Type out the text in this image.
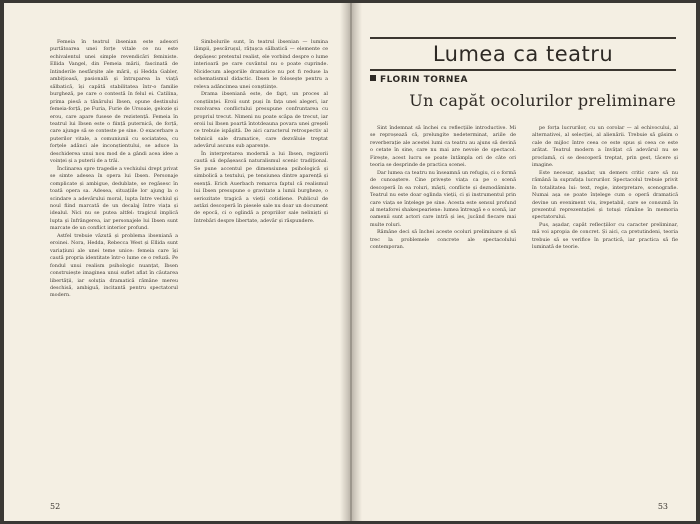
Femeia în teatrul ibsenian este adesori purtătoarea unei forțe vitale ce nu este echivalentul unei simple revendicări feministe. Ellida Vangel, din Femeia mării, fascinată de întinderile nesfârșite ale mării, și Hedda Gabler, ambițioasă, pasională și întruparea la viață sălbatică, își capătă stabilitatea într-o familie burgheză, pe care o contestă în felul ei. Catilina, prima piesă a tânărului Ibsen, opune destinului femeia-forță, pe Furia, Furie de Ursoaie, gelozie și erou, care apare fusese de rezistență. Femeia în teatrul lui Ibsen este o ființă puternică, de forță, care ajunge să se conteste pe sine. O exacerbare a puterilor vitale, a comuniunii cu sociatatea, cu forțele adânci ale inconștientului, se aduce la deschiderea unui nou mod de a gândi acea idee a voinței și a puterii de a trăi.

Înclinarea spre tragedie a vechiului drept privat se simte adesea în opera lui Ibsen. Personaje complicate și ambigue, dedublate, se regăsesc în toată opera sa. Adesea, situațiile lor ajung la o scindare a adevărului moral, lupta între vechiul și noul fiind marcată de un decalaj între viața și idealul. Nici nu se putea altfel: tragicul implică lupta și înfrângerea, iar personajele lui Ibsen sunt marcate de un conflict interior profund.

Astfel trebuie văzută și problema ibseniană a eroinei. Nora, Hedda, Rebecca West și Ellida sunt variațiuni ale unei teme unice: femeia care își caută propria identitate într-o lume ce o refuză. Pe fondul unui realism psihologic nuanțat, Ibsen construiește imaginea unui suflet aflat în căutarea libertății, iar soluția dramatică rămâne mereu deschisă, ambiguă, incitantă pentru spectatorul modern.

Simbolurile sunt, în teatrul ibsenian — lumina lămpii, pescărușul, rățușca sălbatică — elemente ce depășesc pretextul realist, ele vorbind despre o lume interioară pe care cuvântul nu o poate cuprinde. Nicidecum alegoriile dramatice nu pot fi reduse la schematismul didactic. Ibsen le folosește pentru a releva adâncimea unei conștiințe.

Drama ibseniană este, de fapt, un proces al conștiinței. Eroii sunt puși în fața unei alegeri, iar rezolvarea conflictului presupune confruntarea cu propriul trecut. Nimeni nu poate scăpa de trecut, iar eroii lui Ibsen poartă întotdeauna povara unei greșeli ce trebuie ispășită. De aici caracterul retrospectiv al tehnicii sale dramatice, care dezvăluie treptat adevărul ascuns sub aparențe.

În interpretarea modernă a lui Ibsen, regizorii caută să depășească naturalismul scenic tradițional. Se pune accentul pe dimensiunea psihologică și simbolică a textului, pe tensiunea dintre aparență și esență. Erich Auerbach remarca faptul că realismul lui Ibsen presupune o gravitate a lumii burgheze, o seriozitate tragică a vieții cotidiene. Publicul de astăzi descoperă în piesele sale nu doar un document de epocă, ci o oglindă a propriilor sale neliniști și întrebări despre libertate, adevăr și răspundere.

52
Lumea ca teatru
FLORIN TORNEA
Un capăt ocolurilor preliminare

Sint îndemnat să închei cu reflecțiile introductive. Mi se reproșează că, prelungite nedeterminat, ariile de reverberație ale acestei lumi ca teatru au ajuns să devină o cetate în sine, care nu mai are nevoie de spectacol. Firește, acest lucru se poate întâmpla ori de câte ori teoria se desprinde de practica scenei.

Dar lumea ca teatru nu înseamnă un refugiu, ci o formă de cunoaștere. Cine privește viața ca pe o scenă descoperă în ea roluri, măști, conflicte și deznodăminte. Teatrul nu este doar oglinda vieții, ci și instrumentul prin care viața se înțelege pe sine. Acesta este sensul profund al metaforei shakespeariene: lumea întreagă e o scenă, iar oamenii sunt actori care intră și ies, jucând fiecare mai multe roluri.

Rămâne deci să închei aceste ocoluri preliminare și să trec la problemele concrete ale spectacolului contemporan.

pe forța lucrurilor, cu un corolar — al echivocului, al alternativei, al selecției, al alienării. Trebuie să găsim o cale de mijloc între ceea ce este spus și ceea ce este arătat. Teatrul modern a învățat că adevărul nu se proclamă, ci se descoperă treptat, prin gest, tăcere și imagine.

Este necesar, așadar, un demers critic care să nu rămână la suprafața lucrurilor. Spectacolul trebuie privit în totalitatea lui: text, regie, interpretare, scenografie. Numai așa se poate înțelege cum o operă dramatică devine un eveniment viu, irepetabil, care se consumă în prezentul reprezentației și totuși rămâne în memoria spectatorului.

Pus, așadar, capăt reflecțiilor cu caracter preliminar, mă voi apropia de concret. Și aici, ca pretutindeni, teoria trebuie să se verifice în practică, iar practica să fie luminată de teorie.

53
